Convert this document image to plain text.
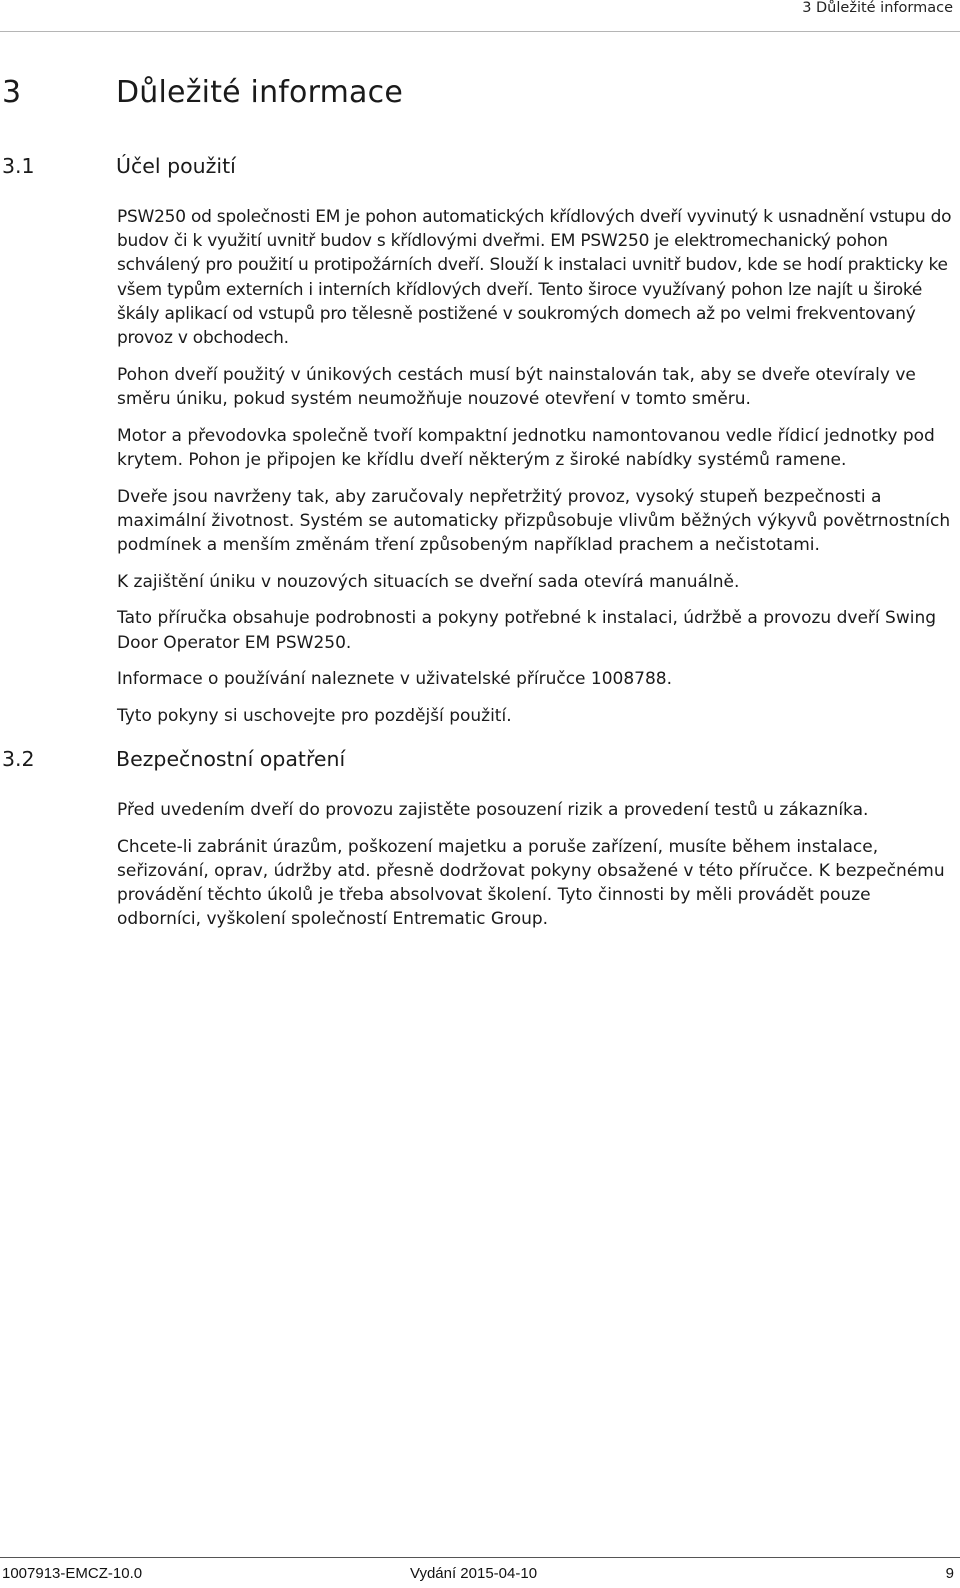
3 Důležité informace
3	Důležité informace
3.1	Účel použití

PSW250 od společnosti EM je pohon automatických křídlových dveří vyvinutý k usnadnění vstupu do budov či k využití uvnitř budov s křídlovými dveřmi. EM PSW250 je elektromechanický pohon schválený pro použití u protipožárních dveří. Slouží k instalaci uvnitř budov, kde se hodí prakticky ke všem typům externích i interních křídlových dveří. Tento široce využívaný pohon lze najít u široké škály aplikací od vstupů pro tělesně postižené v soukromých domech až po velmi frekventovaný provoz v obchodech.

Pohon dveří použitý v únikových cestách musí být nainstalován tak, aby se dveře otevíraly ve směru úniku, pokud systém neumožňuje nouzové otevření v tomto směru.

Motor a převodovka společně tvoří kompaktní jednotku namontovanou vedle řídicí jednotky pod krytem. Pohon je připojen ke křídlu dveří některým z široké nabídky systémů ramene.

Dveře jsou navrženy tak, aby zaručovaly nepřetržitý provoz, vysoký stupeň bezpečnosti a maximální životnost. Systém se automaticky přizpůsobuje vlivům běžných výkyvů povětrnostních podmínek a menším změnám tření způsobeným například prachem a nečistotami.

K zajištění úniku v nouzových situacích se dveřní sada otevírá manuálně.

Tato příručka obsahuje podrobnosti a pokyny potřebné k instalaci, údržbě a provozu dveří Swing Door Operator EM PSW250.

Informace o používání naleznete v uživatelské příručce 1008788.

Tyto pokyny si uschovejte pro pozdější použití.

3.2	Bezpečnostní opatření

Před uvedením dveří do provozu zajistěte posouzení rizik a provedení testů u zákazníka.

Chcete-li zabránit úrazům, poškození majetku a poruše zařízení, musíte během instalace, seřizování, oprav, údržby atd. přesně dodržovat pokyny obsažené v této příručce. K bezpečnému provádění těchto úkolů je třeba absolvovat školení. Tyto činnosti by měli provádět pouze odborníci, vyškolení společností Entrematic Group.

1007913-EMCZ-10.0	Vydání 2015-04-10	9
